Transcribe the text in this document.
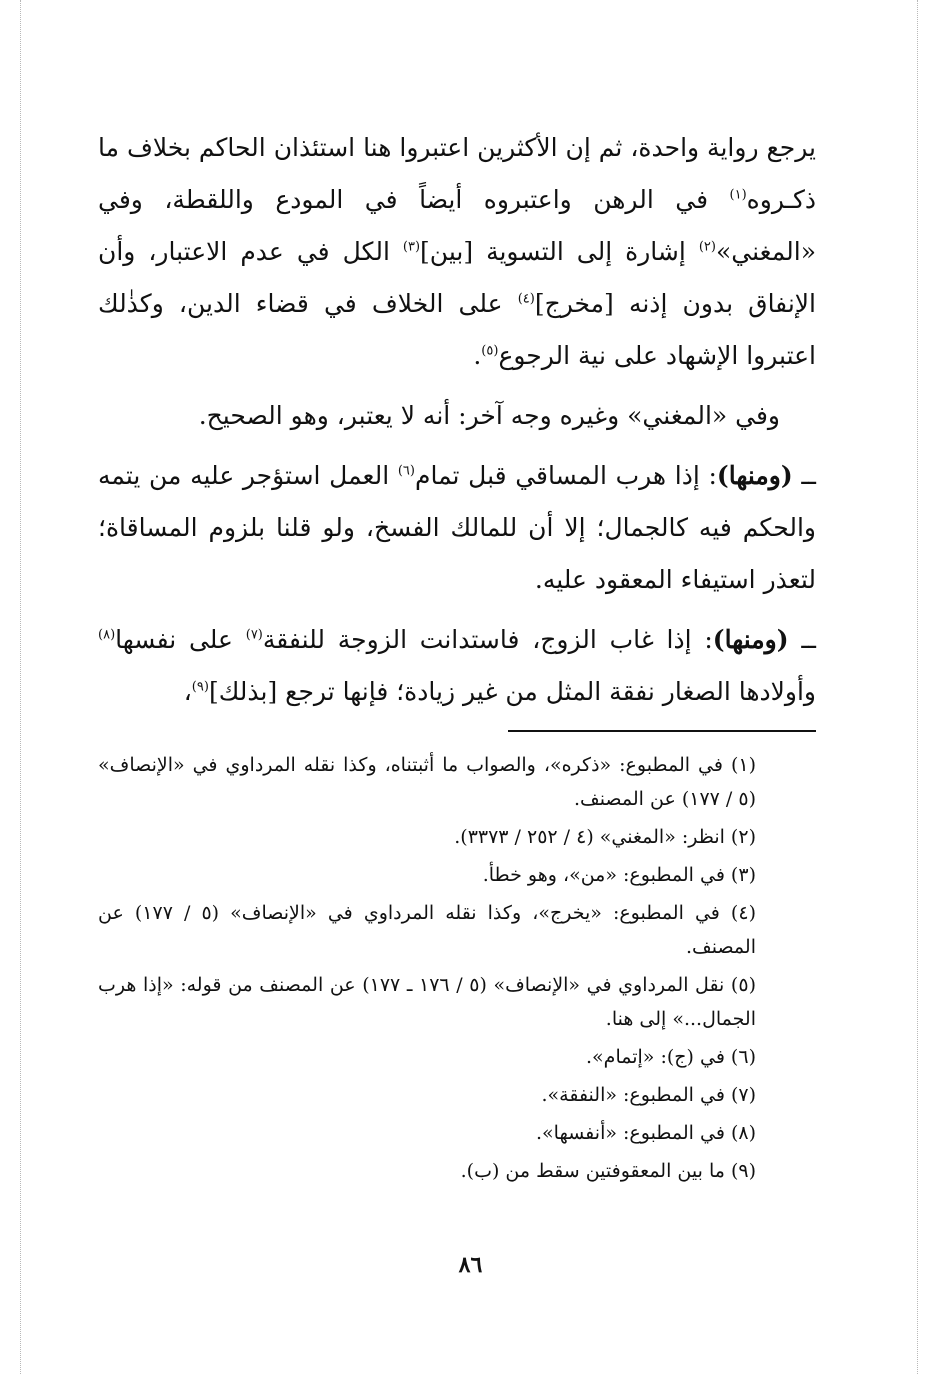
يرجع رواية واحدة، ثم إن الأكثرين اعتبروا هنا استئذان الحاكم بخلاف ما ذكـروه$^{(١)}$ في الرهن واعتبروه أيضاً في المودع واللقطة، وفي «المغني»$^{(٢)}$ إشارة إلى التسوية [بين]$^{(٣)}$ الكل في عدم الاعتبار، وأن الإنفاق بدون إذنه [مخرج]$^{(٤)}$ على الخلاف في قضاء الدين، وكذٰلك اعتبروا الإشهاد على نية الرجوع$^{(٥)}$.

وفي «المغني» وغيره وجه آخر: أنه لا يعتبر، وهو الصحيح.

ــ (ومنها): إذا هرب المساقي قبل تمام$^{(٦)}$ العمل استؤجر عليه من يتمه والحكم فيه كالجمال؛ إلا أن للمالك الفسخ، ولو قلنا بلزوم المساقاة؛ لتعذر استيفاء المعقود عليه.

ــ (ومنها): إذا غاب الزوج، فاستدانت الزوجة للنفقة$^{(٧)}$ على نفسها$^{(٨)}$ وأولادها الصغار نفقة المثل من غير زيادة؛ فإنها ترجع [بذلك]$^{(٩)}$،

(١) في المطبوع: «ذكره»، والصواب ما أثبتناه، وكذا نقله المرداوي في «الإنصاف» (٥ / ١٧٧) عن المصنف.

(٢) انظر: «المغني» (٤ / ٢٥٢ / ٣٣٧٣).

(٣) في المطبوع: «من»، وهو خطأ.

(٤) في المطبوع: «يخرج»، وكذا نقله المرداوي في «الإنصاف» (٥ / ١٧٧) عن المصنف.

(٥) نقل المرداوي في «الإنصاف» (٥ / ١٧٦ ـ ١٧٧) عن المصنف من قوله: «إذا هرب الجمال...» إلى هنا.

(٦) في (ج): «إتمام».

(٧) في المطبوع: «النفقة».

(٨) في المطبوع: «أنفسها».

(٩) ما بين المعقوفتين سقط من (ب).

٨٦
